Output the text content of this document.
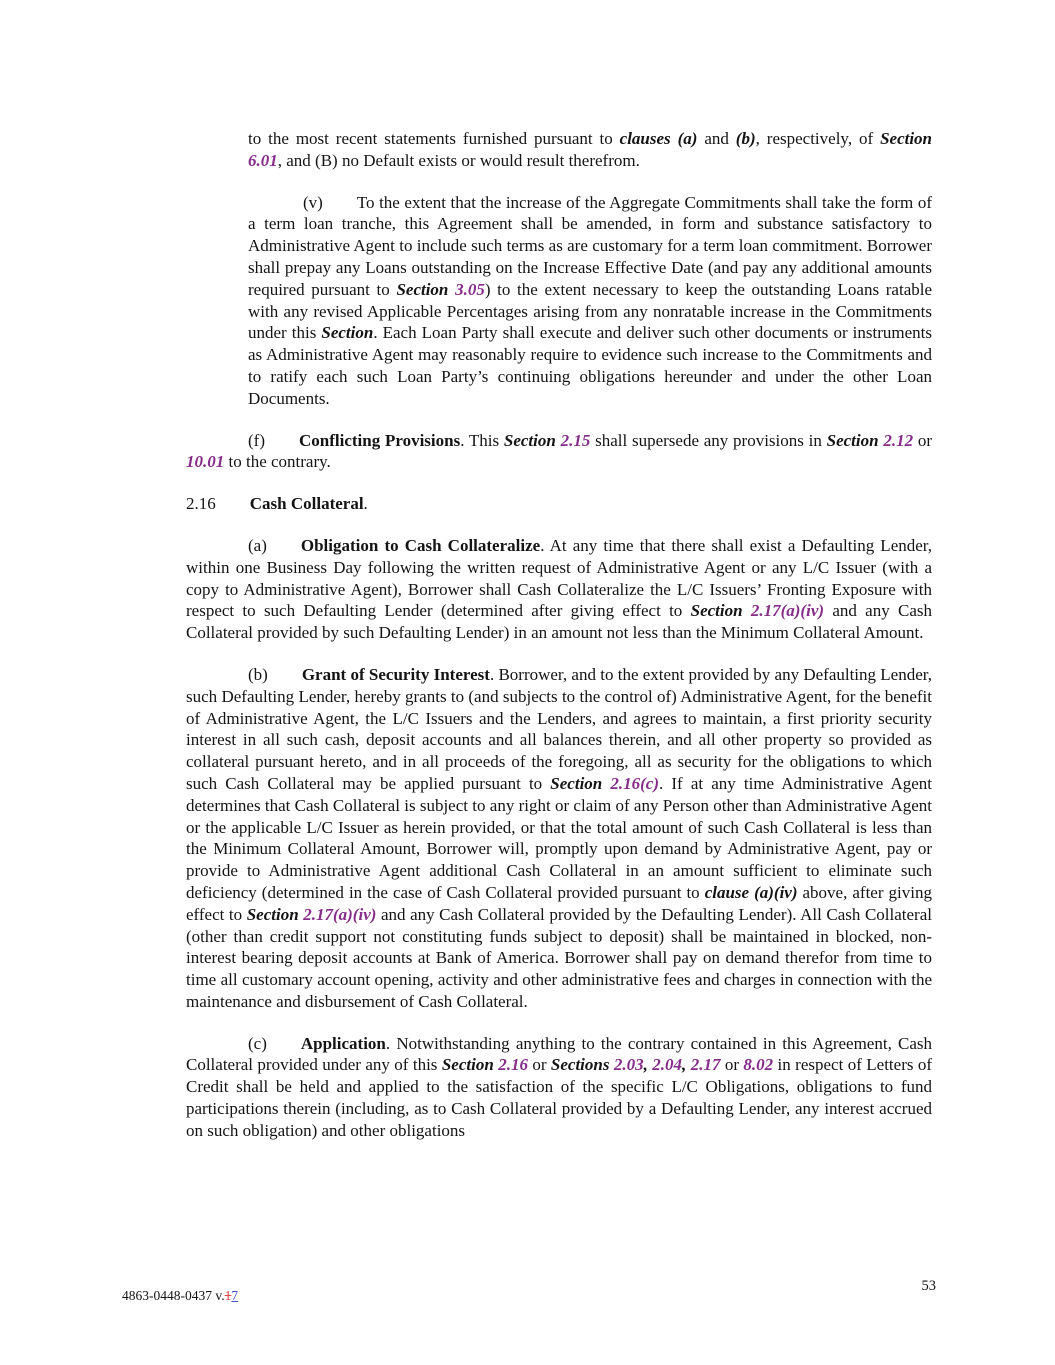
to the most recent statements furnished pursuant to clauses (a) and (b), respectively, of Section 6.01, and (B) no Default exists or would result therefrom.

(v) To the extent that the increase of the Aggregate Commitments shall take the form of a term loan tranche, this Agreement shall be amended, in form and substance satisfactory to Administrative Agent to include such terms as are customary for a term loan commitment. Borrower shall prepay any Loans outstanding on the Increase Effective Date (and pay any additional amounts required pursuant to Section 3.05) to the extent necessary to keep the outstanding Loans ratable with any revised Applicable Percentages arising from any nonratable increase in the Commitments under this Section. Each Loan Party shall execute and deliver such other documents or instruments as Administrative Agent may reasonably require to evidence such increase to the Commitments and to ratify each such Loan Party’s continuing obligations hereunder and under the other Loan Documents.

(f) Conflicting Provisions. This Section 2.15 shall supersede any provisions in Section 2.12 or 10.01 to the contrary.

2.16 Cash Collateral.

(a) Obligation to Cash Collateralize. At any time that there shall exist a Defaulting Lender, within one Business Day following the written request of Administrative Agent or any L/C Issuer (with a copy to Administrative Agent), Borrower shall Cash Collateralize the L/C Issuers’ Fronting Exposure with respect to such Defaulting Lender (determined after giving effect to Section 2.17(a)(iv) and any Cash Collateral provided by such Defaulting Lender) in an amount not less than the Minimum Collateral Amount.

(b) Grant of Security Interest. Borrower, and to the extent provided by any Defaulting Lender, such Defaulting Lender, hereby grants to (and subjects to the control of) Administrative Agent, for the benefit of Administrative Agent, the L/C Issuers and the Lenders, and agrees to maintain, a first priority security interest in all such cash, deposit accounts and all balances therein, and all other property so provided as collateral pursuant hereto, and in all proceeds of the foregoing, all as security for the obligations to which such Cash Collateral may be applied pursuant to Section 2.16(c). If at any time Administrative Agent determines that Cash Collateral is subject to any right or claim of any Person other than Administrative Agent or the applicable L/C Issuer as herein provided, or that the total amount of such Cash Collateral is less than the Minimum Collateral Amount, Borrower will, promptly upon demand by Administrative Agent, pay or provide to Administrative Agent additional Cash Collateral in an amount sufficient to eliminate such deficiency (determined in the case of Cash Collateral provided pursuant to clause (a)(iv) above, after giving effect to Section 2.17(a)(iv) and any Cash Collateral provided by the Defaulting Lender). All Cash Collateral (other than credit support not constituting funds subject to deposit) shall be maintained in blocked, non-interest bearing deposit accounts at Bank of America. Borrower shall pay on demand therefor from time to time all customary account opening, activity and other administrative fees and charges in connection with the maintenance and disbursement of Cash Collateral.

(c) Application. Notwithstanding anything to the contrary contained in this Agreement, Cash Collateral provided under any of this Section 2.16 or Sections 2.03, 2.04, 2.17 or 8.02 in respect of Letters of Credit shall be held and applied to the satisfaction of the specific L/C Obligations, obligations to fund participations therein (including, as to Cash Collateral provided by a Defaulting Lender, any interest accrued on such obligation) and other obligations

4863-0448-0437 v.17
53
